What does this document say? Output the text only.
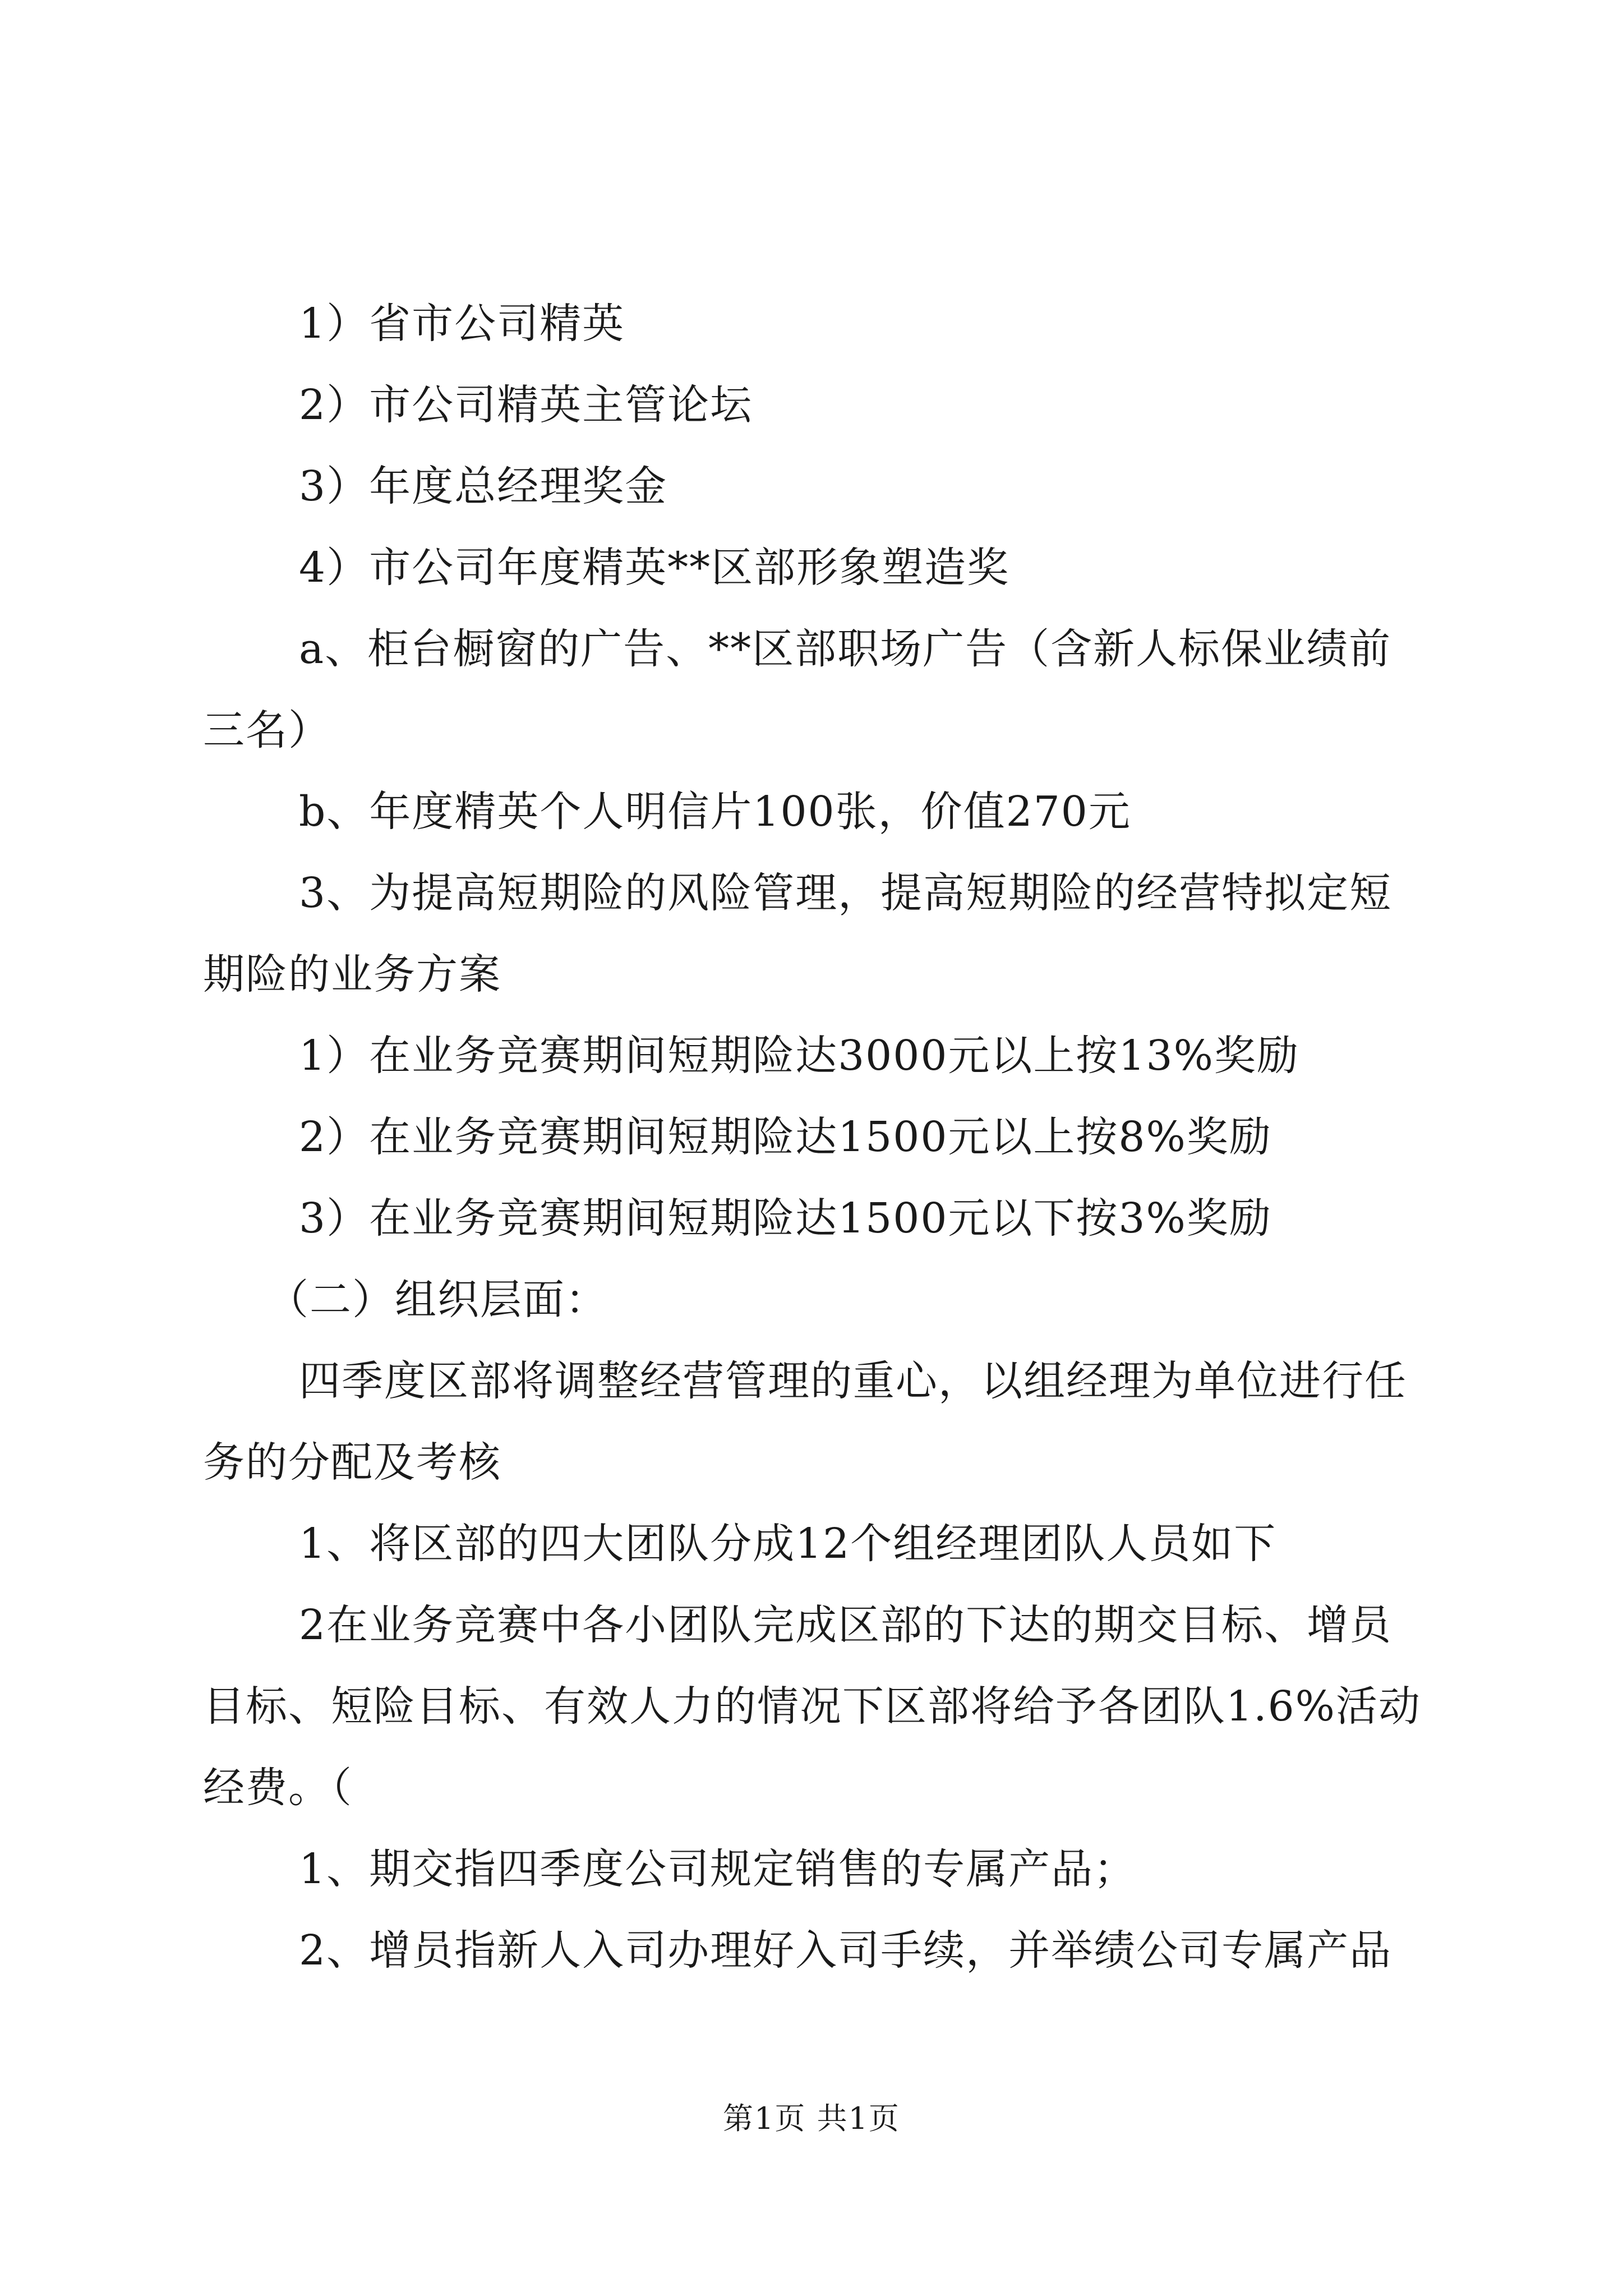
1）省市公司精英

2）市公司精英主管论坛

3）年度总经理奖金

4）市公司年度精英**区部形象塑造奖

a、柜台橱窗的广告、**区部职场广告（含新人标保业绩前三名）

b、年度精英个人明信片100张，价值270元

3、为提高短期险的风险管理，提高短期险的经营特拟定短期险的业务方案

1）在业务竞赛期间短期险达3000元以上按13%奖励

2）在业务竞赛期间短期险达1500元以上按8%奖励

3）在业务竞赛期间短期险达1500元以下按3%奖励

（二）组织层面：

四季度区部将调整经营管理的重心，以组经理为单位进行任务的分配及考核

1、将区部的四大团队分成12个组经理团队人员如下

2在业务竞赛中各小团队完成区部的下达的期交目标、增员目标、短险目标、有效人力的情况下区部将给予各团队1.6%活动经费。（

1、期交指四季度公司规定销售的专属产品；

2、增员指新人入司办理好入司手续，并举绩公司专属产品

第1页 共1页
